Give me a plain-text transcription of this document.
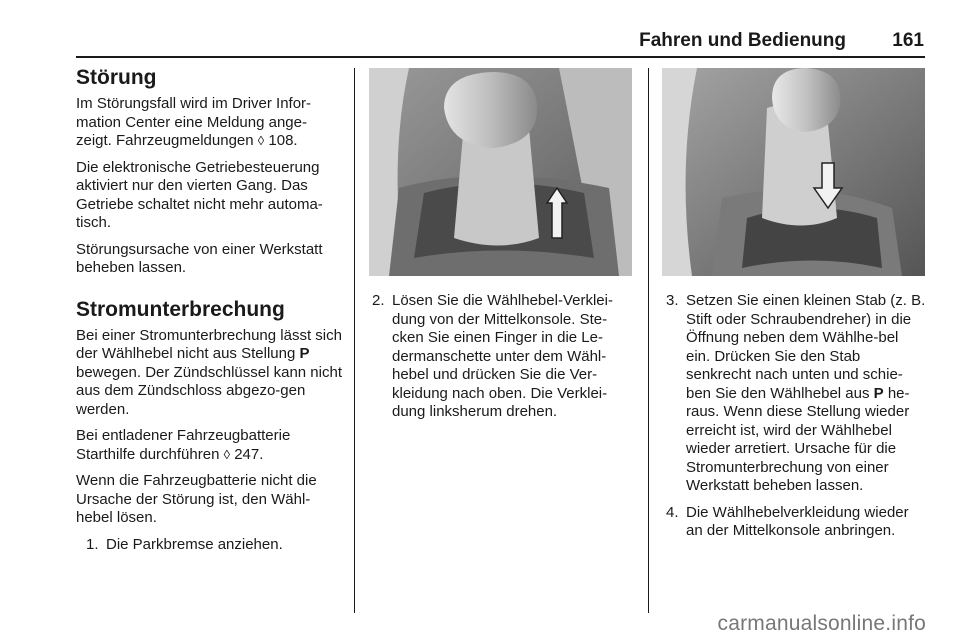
Fahren und Bedienung	161
Störung

Im Störungsfall wird im Driver Infor-mation Center eine Meldung ange-zeigt. Fahrzeugmeldungen ◊ 108.

Die elektronische Getriebesteuerung aktiviert nur den vierten Gang. Das Getriebe schaltet nicht mehr automa-tisch.

Störungsursache von einer Werkstatt beheben lassen.

Stromunterbrechung

Bei einer Stromunterbrechung lässt sich der Wählhebel nicht aus Stellung P bewegen. Der Zündschlüssel kann nicht aus dem Zündschloss abgezo-gen werden.

Bei entladener Fahrzeugbatterie Starthilfe durchführen ◊ 247.

Wenn die Fahrzeugbatterie nicht die Ursache der Störung ist, den Wähl-hebel lösen.

1. Die Parkbremse anziehen.
2. Lösen Sie die Wählhebel-Verklei-dung von der Mittelkonsole. Ste-cken Sie einen Finger in die Le-dermanschette unter dem Wähl-hebel und drücken Sie die Ver-kleidung nach oben. Die Verklei-dung linksherum drehen.
3. Setzen Sie einen kleinen Stab (z. B. Stift oder Schraubendreher) in die Öffnung neben dem Wählhe-bel ein. Drücken Sie den Stab senkrecht nach unten und schie-ben Sie den Wählhebel aus P he-raus. Wenn diese Stellung wieder erreicht ist, wird der Wählhebel wieder arretiert. Ursache für die Stromunterbrechung von einer Werkstatt beheben lassen.
4. Die Wählhebelverkleidung wieder an der Mittelkonsole anbringen.
carmanualsonline.info
